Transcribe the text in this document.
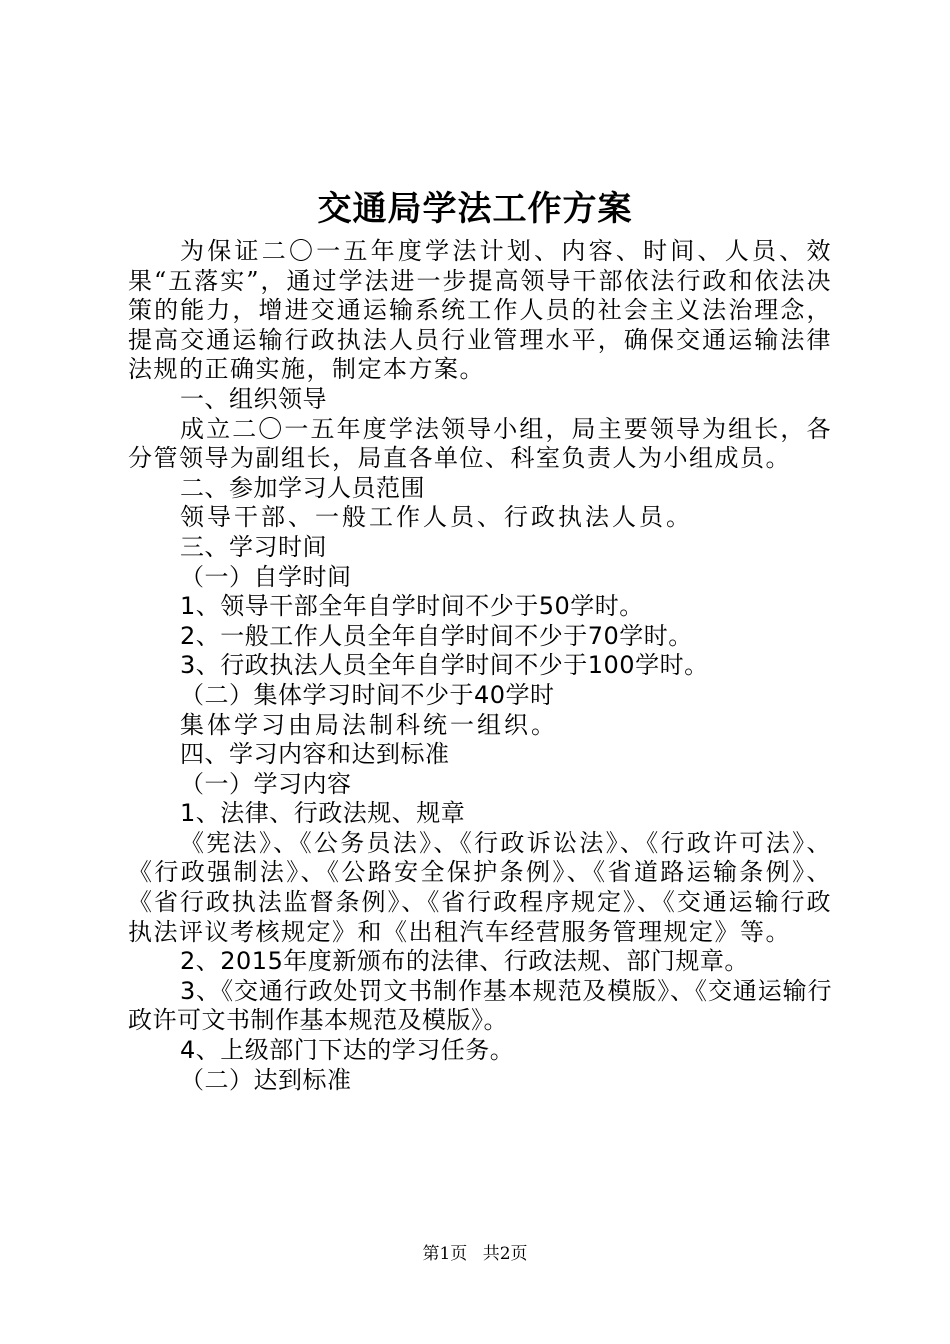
交通局学法工作方案

为保证二〇一五年度学法计划、内容、时间、人员、效果“五落实”，通过学法进一步提高领导干部依法行政和依法决策的能力，增进交通运输系统工作人员的社会主义法治理念，提高交通运输行政执法人员行业管理水平，确保交通运输法律法规的正确实施，制定本方案。

一、组织领导

成立二〇一五年度学法领导小组，局主要领导为组长，各分管领导为副组长，局直各单位、科室负责人为小组成员。

二、参加学习人员范围

领导干部、一般工作人员、行政执法人员。

三、学习时间

（一）自学时间

1、领导干部全年自学时间不少于50学时。

2、一般工作人员全年自学时间不少于70学时。

3、行政执法人员全年自学时间不少于100学时。

（二）集体学习时间不少于40学时

集体学习由局法制科统一组织。

四、学习内容和达到标准

（一）学习内容

1、法律、行政法规、规章

《宪法》、《公务员法》、《行政诉讼法》、《行政许可法》、《行政强制法》、《公路安全保护条例》、《省道路运输条例》、《省行政执法监督条例》、《省行政程序规定》、《交通运输行政执法评议考核规定》和《出租汽车经营服务管理规定》等。

2、2015年度新颁布的法律、行政法规、部门规章。

3、《交通行政处罚文书制作基本规范及模版》、《交通运输行政许可文书制作基本规范及模版》。

4、上级部门下达的学习任务。

（二）达到标准

第1页 共2页
